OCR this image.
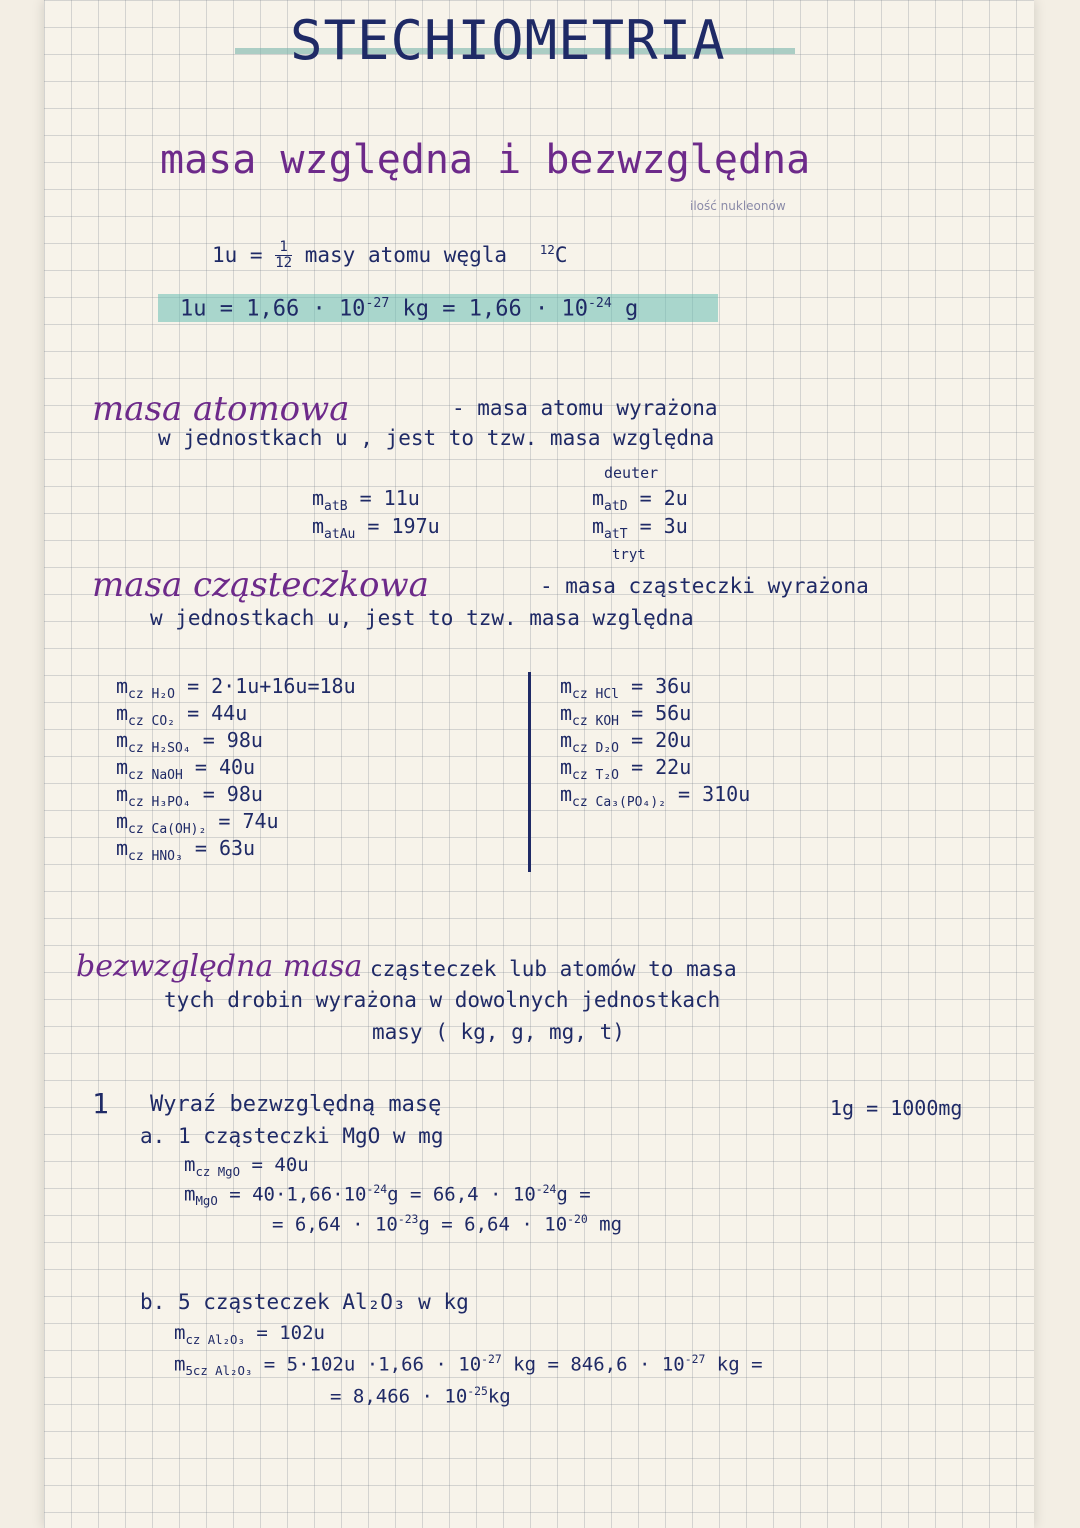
STECHIOMETRIA
masa względna i bezwzględna
ilość nukleonów
$1u = \frac{1}{12}$ masy atomu węgla	$^{12}$C
$1u = 1,66 \cdot 10^{-27}$ kg = $1,66 \cdot 10^{-24}$ g
masa atomowa	- masa atomu wyrażona
w jednostkach u , jest to tzw. masa względna
deuter
$m_{atB} = 11u$
$m_{atAu} = 197u$
$m_{atD} = 2u$
$m_{atT} = 3u$
tryt
masa cząsteczkowa	- masa cząsteczki wyrażona
w jednostkach u, jest to tzw. masa względna
$m_{cz H_2O} = 2\cdot 1u+16u=18u$
$m_{cz CO_2} = 44u$
$m_{cz H_2SO_4} = 98u$
$m_{cz NaOH} = 40u$
$m_{cz H_3PO_4} = 98u$
$m_{cz Ca(OH)_2} = 74u$
$m_{cz HNO_3} = 63u$
$m_{cz HCl} = 36u$
$m_{cz KOH} = 56u$
$m_{cz D_2O} = 20u$
$m_{cz T_2O} = 22u$
$m_{cz Ca_3(PO_4)_2} = 310u$
bezwzględna masa cząsteczek lub atomów to masa
tych drobin wyrażona w dowolnych jednostkach
masy ( kg, g, mg, t)
1 Wyraź bezwzględną masę	1g = 1000mg
a. 1 cząsteczki MgO w mg
$m_{cz MgO} = 40u$
$m_{MgO} = 40\cdot 1,66\cdot 10^{-24}g = 66,4 \cdot 10^{-24}g$ =
= $6,64 \cdot 10^{-23}g = 6,64 \cdot 10^{-20}$ mg
b. 5 cząsteczek Al₂O₃ w kg
$m_{cz Al_2O_3} = 102u$
$m_{5cz Al_2O_3} = 5\cdot 102u \cdot 1,66 \cdot 10^{-27}$ kg = $846,6 \cdot 10^{-27}$ kg =
= $8,466 \cdot 10^{-25}kg$
